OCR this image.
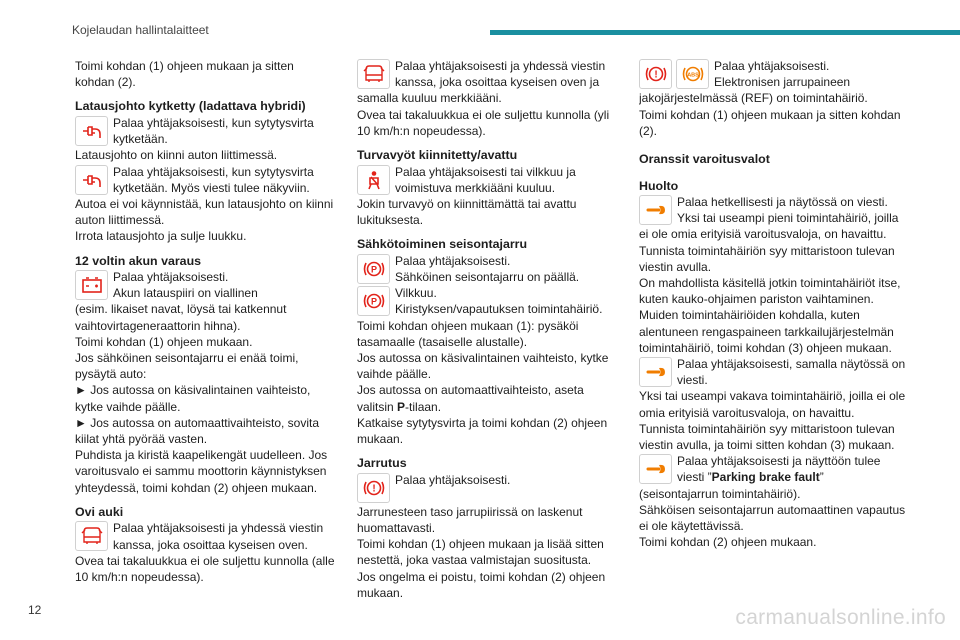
Kojelaudan hallintalaitteet

Toimi kohdan (1) ohjeen mukaan ja sitten kohdan (2).

Latausjohto kytketty (ladattava hybridi)

Palaa yhtäjaksoisesti, kun sytytysvirta kytketään.

Latausjohto on kiinni auton liittimessä.

Palaa yhtäjaksoisesti, kun sytytysvirta kytketään. Myös viesti tulee näkyviin.

Autoa ei voi käynnistää, kun latausjohto on kiinni auton liittimessä.

Irrota latausjohto ja sulje luukku.

12 voltin akun varaus

Palaa yhtäjaksoisesti.

Akun latauspiiri on viallinen

(esim. likaiset navat, löysä tai katkennut vaihtovirtageneraattorin hihna).

Toimi kohdan (1) ohjeen mukaan.

Jos sähköinen seisontajarru ei enää toimi, pysäytä auto:

► Jos autossa on käsivalintainen vaihteisto, kytke vaihde päälle.

► Jos autossa on automaattivaihteisto, sovita kiilat yhtä pyörää vasten.

Puhdista ja kiristä kaapelikengät uudelleen. Jos varoitusvalo ei sammu moottorin käynnistyksen yhteydessä, toimi kohdan (2) ohjeen mukaan.

Ovi auki

Palaa yhtäjaksoisesti ja yhdessä viestin kanssa, joka osoittaa kyseisen oven.

Ovea tai takaluukkua ei ole suljettu kunnolla (alle 10 km/h:n nopeudessa).

Palaa yhtäjaksoisesti ja yhdessä viestin kanssa, joka osoittaa kyseisen oven ja samalla kuuluu merkkiääni.

Ovea tai takaluukkua ei ole suljettu kunnolla (yli 10 km/h:n nopeudessa).

Turvavyöt kiinnitetty/avattu

Palaa yhtäjaksoisesti tai vilkkuu ja voimistuva merkkiääni kuuluu.

Jokin turvavyö on kiinnittämättä tai avattu lukituksesta.

Sähkötoiminen seisontajarru
P

Palaa yhtäjaksoisesti.

Sähköinen seisontajarru on päällä.

P

Vilkkuu.

Kiristyksen/vapautuksen toimintahäiriö.

Toimi kohdan ohjeen mukaan (1): pysäköi tasamaalle (tasaiselle alustalle).

Jos autossa on käsivalintainen vaihteisto, kytke vaihde päälle.

Jos autossa on automaattivaihteisto, aseta valitsin P-tilaan.

Katkaise sytytysvirta ja toimi kohdan (2) ohjeen mukaan.

Jarrutus
!

Palaa yhtäjaksoisesti.

Jarrunesteen taso jarrupiirissä on laskenut huomattavasti.

Toimi kohdan (1) ohjeen mukaan ja lisää sitten nestettä, joka vastaa valmistajan suositusta.

Jos ongelma ei poistu, toimi kohdan (2) ohjeen mukaan.

!	ABS

Palaa yhtäjaksoisesti.

Elektronisen jarrupaineen jakojärjestelmässä (REF) on toimintahäiriö.

Toimi kohdan (1) ohjeen mukaan ja sitten kohdan (2).

Oranssit varoitusvalot
Huolto

Palaa hetkellisesti ja näytössä on viesti.

Yksi tai useampi pieni toimintahäiriö, joilla ei ole omia erityisiä varoitusvaloja, on havaittu.

Tunnista toimintahäiriön syy mittaristoon tulevan viestin avulla.

On mahdollista käsitellä jotkin toimintahäiriöt itse, kuten kauko-ohjaimen pariston vaihtaminen.

Muiden toimintahäiriöiden kohdalla, kuten alentuneen rengaspaineen tarkkailujärjestelmän toimintahäiriö, toimi kohdan (3) ohjeen mukaan.

Palaa yhtäjaksoisesti, samalla näytössä on viesti.

Yksi tai useampi vakava toimintahäiriö, joilla ei ole omia erityisiä varoitusvaloja, on havaittu.

Tunnista toimintahäiriön syy mittaristoon tulevan viestin avulla, ja toimi sitten kohdan (3) mukaan.

Palaa yhtäjaksoisesti ja näyttöön tulee viesti ”Parking brake fault”

(seisontajarrun toimintahäiriö).

Sähköisen seisontajarrun automaattinen vapautus ei ole käytettävissä.

Toimi kohdan (2) ohjeen mukaan.

12	carmanualsonline.info
